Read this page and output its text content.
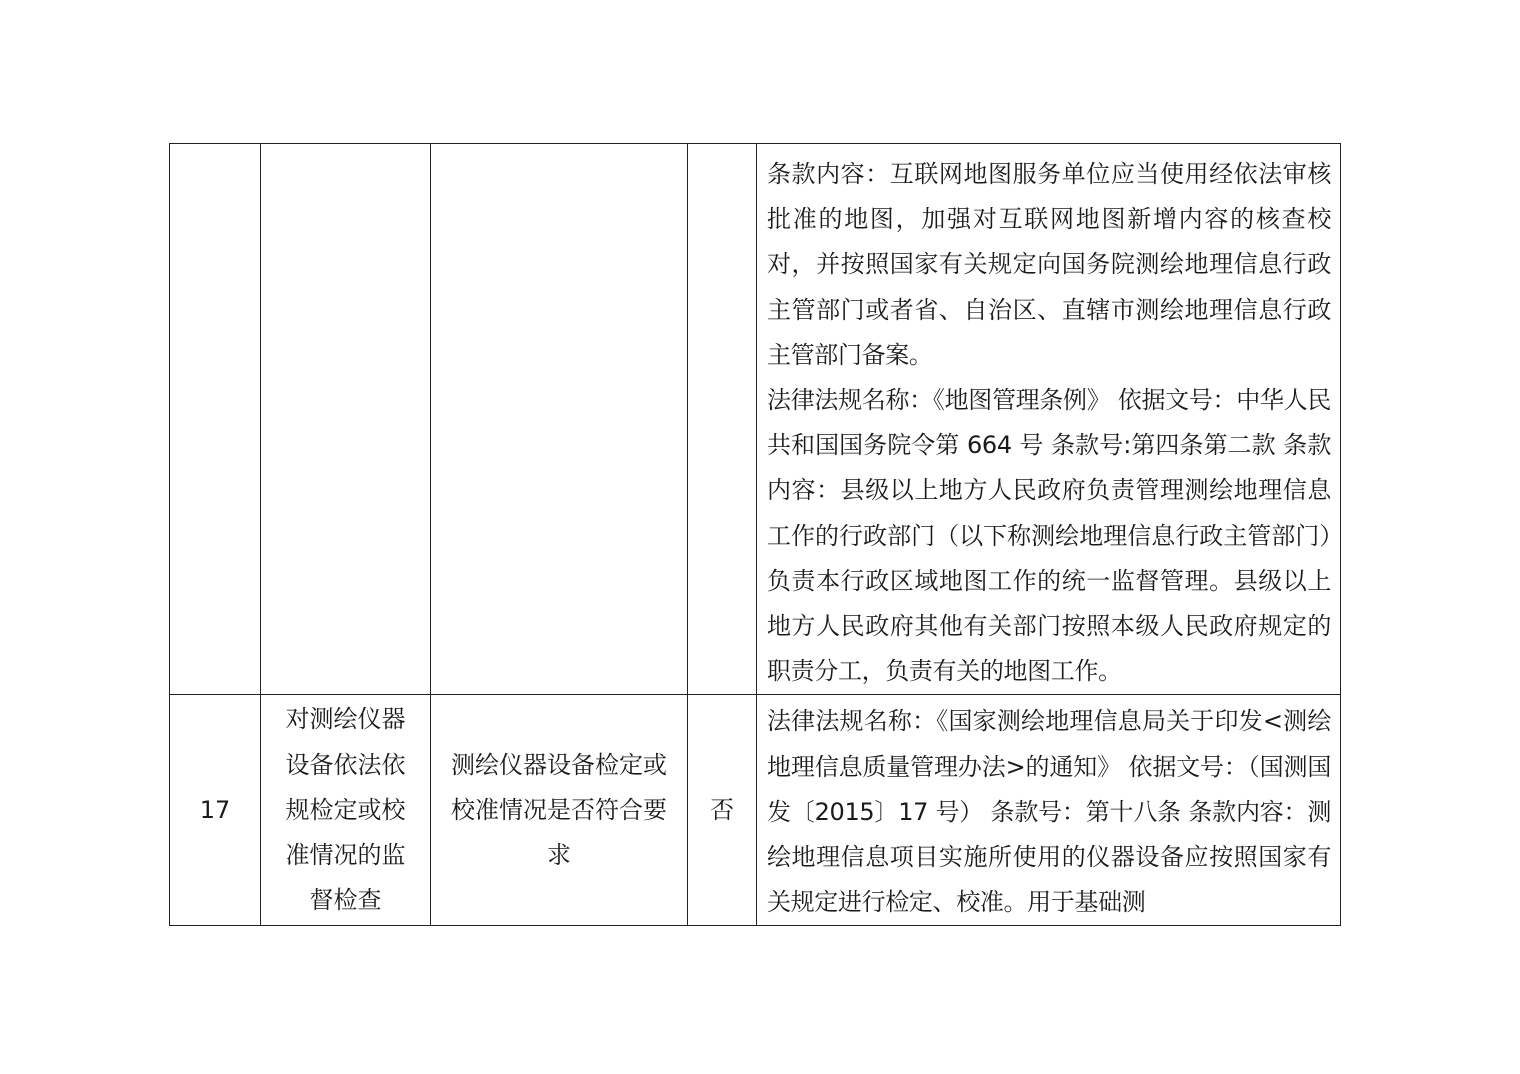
				条款内容：互联网地图服务单位应当使用经依法审核批准的地图，加强对互联网地图新增内容的核查校对，并按照国家有关规定向国务院测绘地理信息行政主管部门或者省、自治区、直辖市测绘地理信息行政主管部门备案。
法律法规名称：《地图管理条例》 依据文号：中华人民共和国国务院令第 664 号 条款号:第四条第二款 条款内容：县级以上地方人民政府负责管理测绘地理信息工作的行政部门（以下称测绘地理信息行政主管部门）负责本行政区域地图工作的统一监督管理。县级以上地方人民政府其他有关部门按照本级人民政府规定的职责分工，负责有关的地图工作。

17	对测绘仪器设备依法依规检定或校准情况的监督检查	测绘仪器设备检定或校准情况是否符合要求	否	法律法规名称：《国家测绘地理信息局关于印发<测绘地理信息质量管理办法>的通知》 依据文号：（国测国发〔2015〕17 号） 条款号：第十八条 条款内容：测绘地理信息项目实施所使用的仪器设备应按照国家有关规定进行检定、校准。用于基础测
